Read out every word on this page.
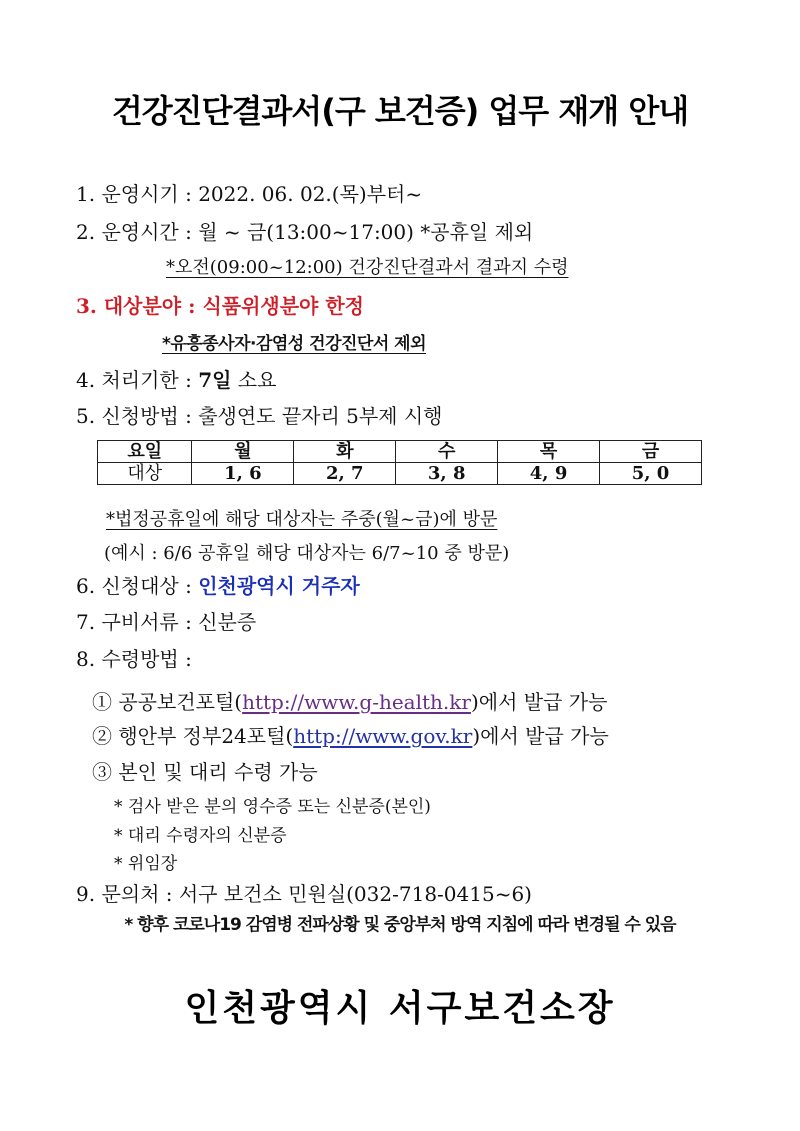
건강진단결과서(구 보건증) 업무 재개 안내
1. 운영시기 : 2022. 06. 02.(목)부터~
2. 운영시간 : 월 ~ 금(13:00~17:00) *공휴일 제외
*오전(09:00~12:00) 건강진단결과서 결과지 수령
3. 대상분야 : 식품위생분야 한정
*유흥종사자·감염성 건강진단서 제외
4. 처리기한 : 7일 소요
5. 신청방법 : 출생연도 끝자리 5부제 시행
요일	월	화	수	목	금
대상	1, 6	2, 7	3, 8	4, 9	5, 0
*법정공휴일에 해당 대상자는 주중(월~금)에 방문
(예시 : 6/6 공휴일 해당 대상자는 6/7~10 중 방문)
6. 신청대상 : 인천광역시 거주자
7. 구비서류 : 신분증
8. 수령방법 :
① 공공보건포털(http://www.g-health.kr)에서 발급 가능
② 행안부 정부24포털(http://www.gov.kr)에서 발급 가능
③ 본인 및 대리 수령 가능
* 검사 받은 분의 영수증 또는 신분증(본인)
* 대리 수령자의 신분증
* 위임장
9. 문의처 : 서구 보건소 민원실(032-718-0415~6)
* 향후 코로나19 감염병 전파상황 및 중앙부처 방역 지침에 따라 변경될 수 있음
인천광역시 서구보건소장
